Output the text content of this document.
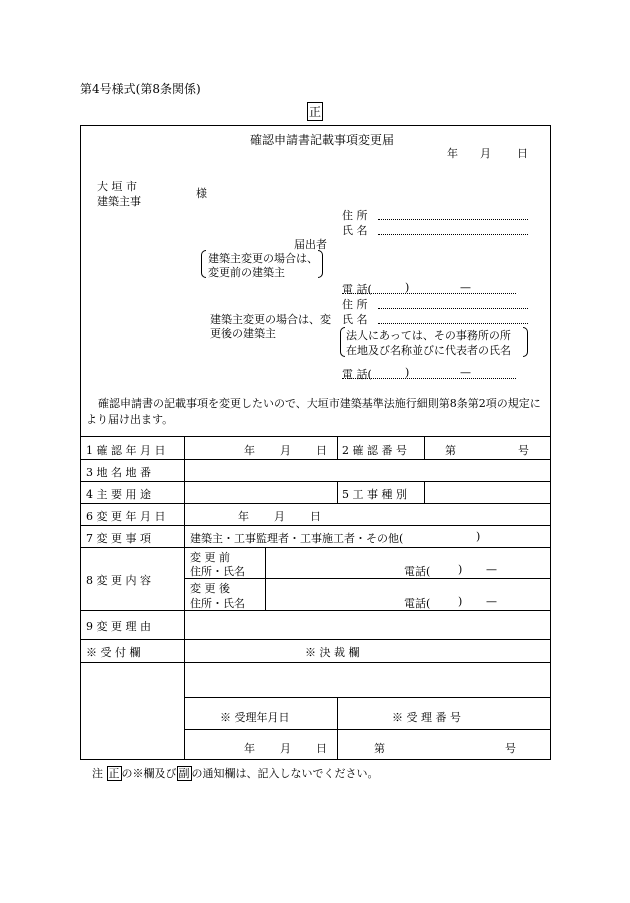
第4号様式(第8条関係)
正
確認申請書記載事項変更届
年 月 日
大 垣 市
建築主事
様
住 所
氏 名
届出者
建築主変更の場合は、
変更前の建築主
電 話(	)	—
住 所
建築主変更の場合は、変
更後の建築主
氏 名
法人にあっては、その事務所の所
在地及び名称並びに代表者の氏名
電 話(	)	—
確認申請書の記載事項を変更したいので、大垣市建築基準法施行細則第8条第2項の規定により届け出ます。
1 確 認 年 月 日	年 月 日 2 確 認 番 号	第	号
3 地 名 地 番
4 主 要 用 途	5 工 事 種 別
6 変 更 年 月 日	年 月 日
7 変 更 事 項	建築主・工事監理者・工事施工者・その他(	)
8 変 更 内 容
変 更 前
住所・氏名	電話(	) —
変 更 後
住所・氏名	電話(	) —
9 変 更 理 由
※ 受 付 欄	※ 決 裁 欄
※ 受理年月日	※ 受 理 番 号
年 月 日	第	号
注 正 の※欄及び 副 の通知欄は、記入しないでください。
